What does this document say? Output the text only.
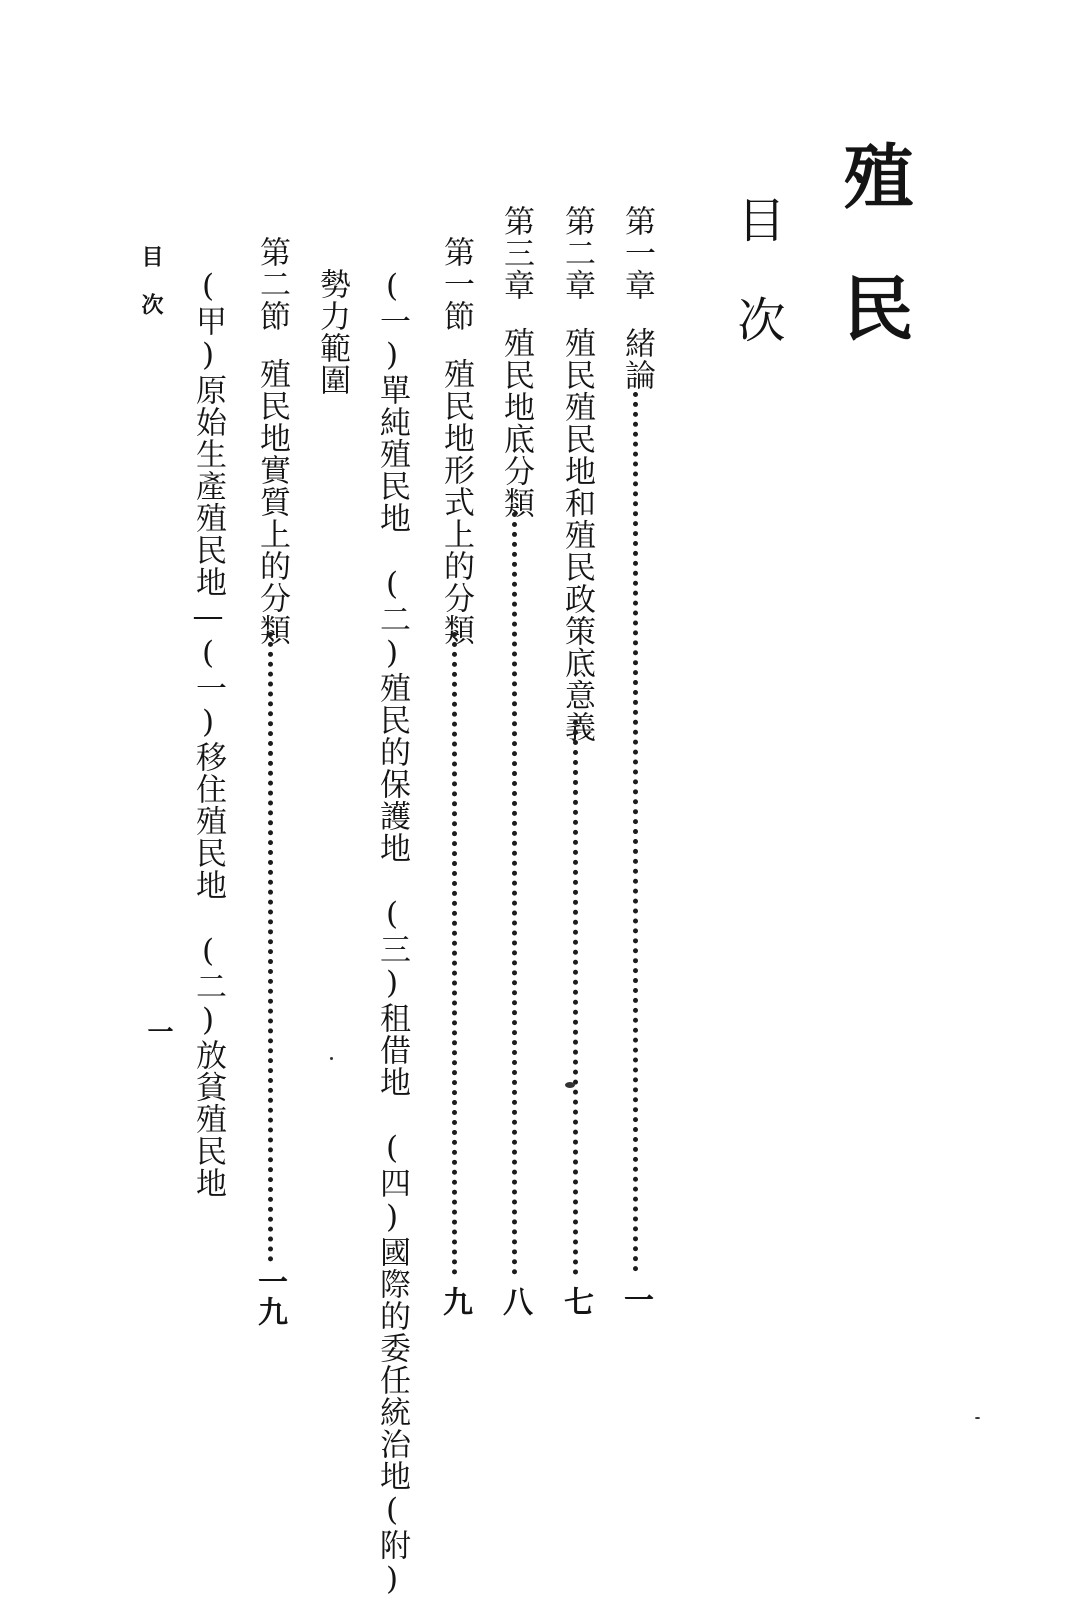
殖民
目次
第一章緒論
一
第二章殖民殖民地和殖民政策底意義
七
第三章殖民地底分類
八
第一節殖民地形式上的分類
九
(一)單純殖民地　(二)殖民的保護地　(三)租借地　(四)國際的委任統治地(附)
勢力範圍
第二節殖民地實質上的分類
一九
(甲)原始生產殖民地—(一)移住殖民地　(二)放貧殖民地
目次
一
